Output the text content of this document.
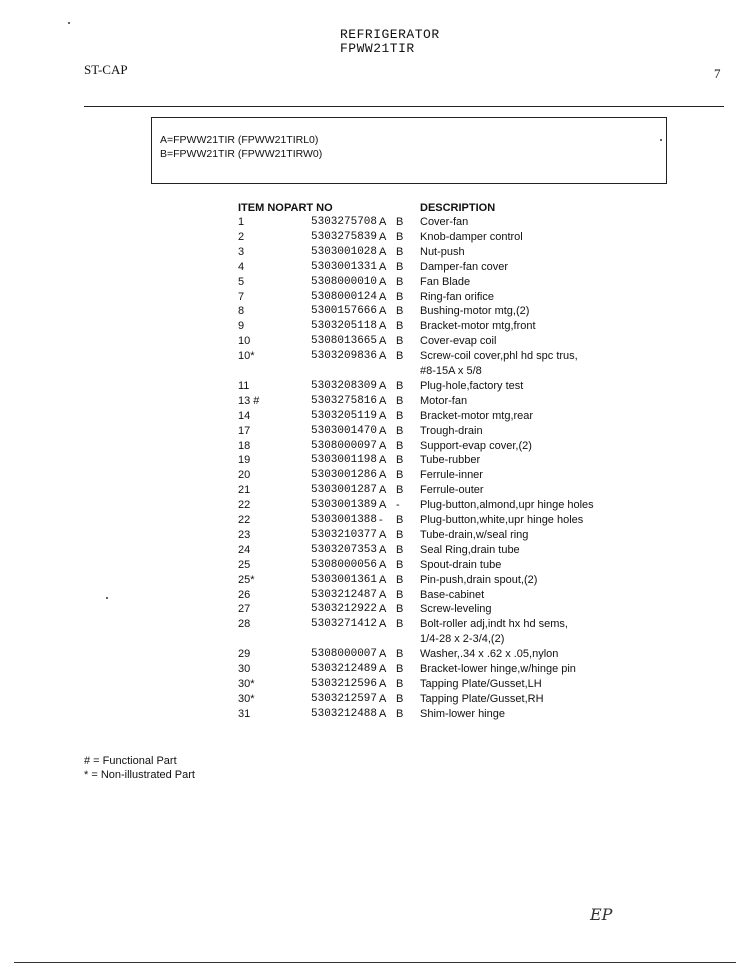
REFRIGERATOR
FPWW21TIR
ST-CAP	7
A=FPWW21TIR (FPWW21TIRL0)
B=FPWW21TIR (FPWW21TIRW0)
ITEM NO PART NO	DESCRIPTION
1	5303275708 A B Cover-fan
2	5303275839 A B Knob-damper control
3	5303001028 A B Nut-push
4	5303001331 A B Damper-fan cover
5	5308000010 A B Fan Blade
7	5308000124 A B Ring-fan orifice
8	5300157666 A B Bushing-motor mtg,(2)
9	5303205118 A B Bracket-motor mtg,front
10	5308013665 A B Cover-evap coil
10*	5303209836 A B Screw-coil cover,phl hd spc trus,
#8-15A x 5/8
11	5303208309 A B Plug-hole,factory test
13 #	5303275816 A B Motor-fan
14	5303205119 A B Bracket-motor mtg,rear
17	5303001470 A B Trough-drain
18	5308000097 A B Support-evap cover,(2)
19	5303001198 A B Tube-rubber
20	5303001286 A B Ferrule-inner
21	5303001287 A B Ferrule-outer
22	5303001389 A - Plug-button,almond,upr hinge holes
22	5303001388 - B Plug-button,white,upr hinge holes
23	5303210377 A B Tube-drain,w/seal ring
24	5303207353 A B Seal Ring,drain tube
25	5308000056 A B Spout-drain tube
25*	5303001361 A B Pin-push,drain spout,(2)
26	5303212487 A B Base-cabinet
27	5303212922 A B Screw-leveling
28	5303271412 A B Bolt-roller adj,indt hx hd sems,
1/4-28 x 2-3/4,(2)
29	5308000007 A B Washer,.34 x .62 x .05,nylon
30	5303212489 A B Bracket-lower hinge,w/hinge pin
30*	5303212596 A B Tapping Plate/Gusset,LH
30*	5303212597 A B Tapping Plate/Gusset,RH
31	5303212488 A B Shim-lower hinge
# = Functional Part
* = Non-illustrated Part
EP
